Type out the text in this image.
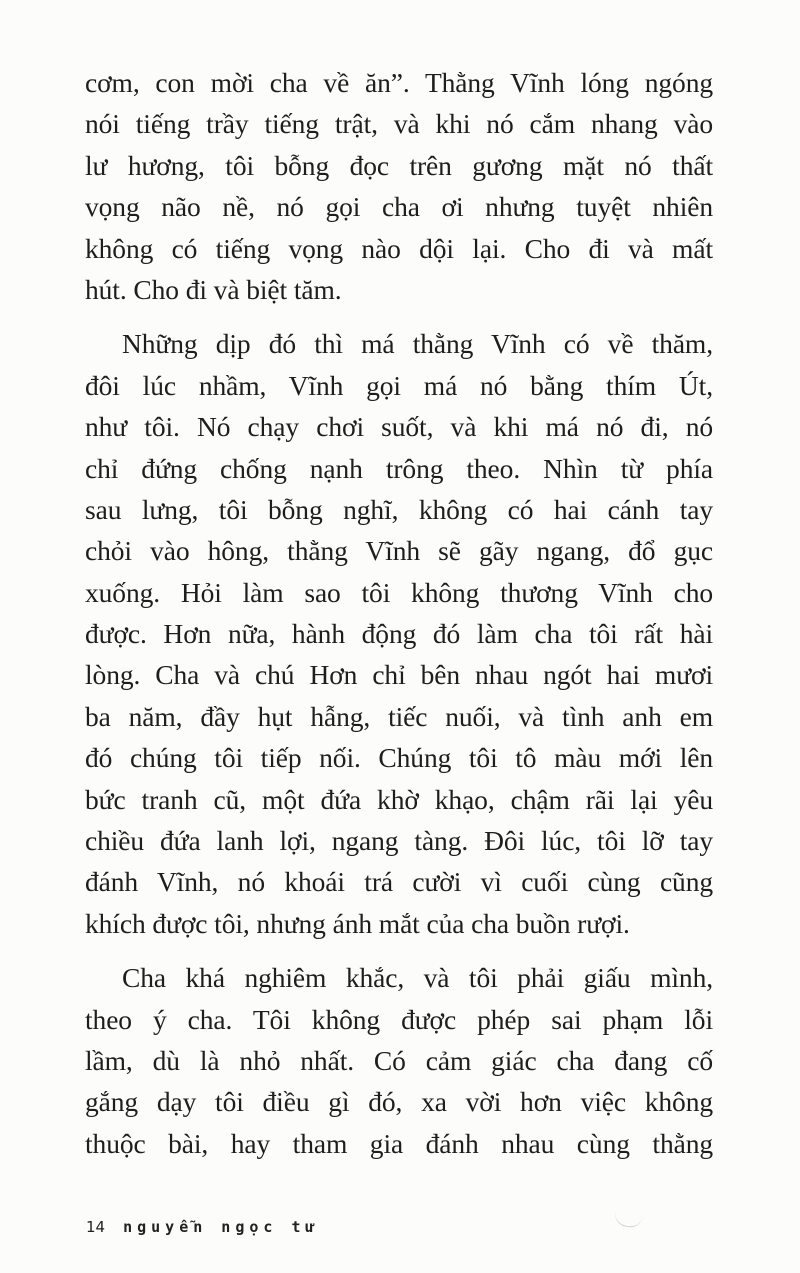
cơm, con mời cha về ăn”. Thằng Vĩnh lóng ngóng
nói tiếng trầy tiếng trật, và khi nó cắm nhang vào
lư hương, tôi bỗng đọc trên gương mặt nó thất
vọng não nề, nó gọi cha ơi nhưng tuyệt nhiên
không có tiếng vọng nào dội lại. Cho đi và mất
hút. Cho đi và biệt tăm.
Những dịp đó thì má thằng Vĩnh có về thăm,
đôi lúc nhầm, Vĩnh gọi má nó bằng thím Út,
như tôi. Nó chạy chơi suốt, và khi má nó đi, nó
chỉ đứng chống nạnh trông theo. Nhìn từ phía
sau lưng, tôi bỗng nghĩ, không có hai cánh tay
chỏi vào hông, thằng Vĩnh sẽ gãy ngang, đổ gục
xuống. Hỏi làm sao tôi không thương Vĩnh cho
được. Hơn nữa, hành động đó làm cha tôi rất hài
lòng. Cha và chú Hơn chỉ bên nhau ngót hai mươi
ba năm, đầy hụt hẫng, tiếc nuối, và tình anh em
đó chúng tôi tiếp nối. Chúng tôi tô màu mới lên
bức tranh cũ, một đứa khờ khạo, chậm rãi lại yêu
chiều đứa lanh lợi, ngang tàng. Đôi lúc, tôi lỡ tay
đánh Vĩnh, nó khoái trá cười vì cuối cùng cũng
khích được tôi, nhưng ánh mắt của cha buồn rượi.
Cha khá nghiêm khắc, và tôi phải giấu mình,
theo ý cha. Tôi không được phép sai phạm lỗi
lầm, dù là nhỏ nhất. Có cảm giác cha đang cố
gắng dạy tôi điều gì đó, xa vời hơn việc không
thuộc bài, hay tham gia đánh nhau cùng thằng
14 nguyễn ngọc tư
